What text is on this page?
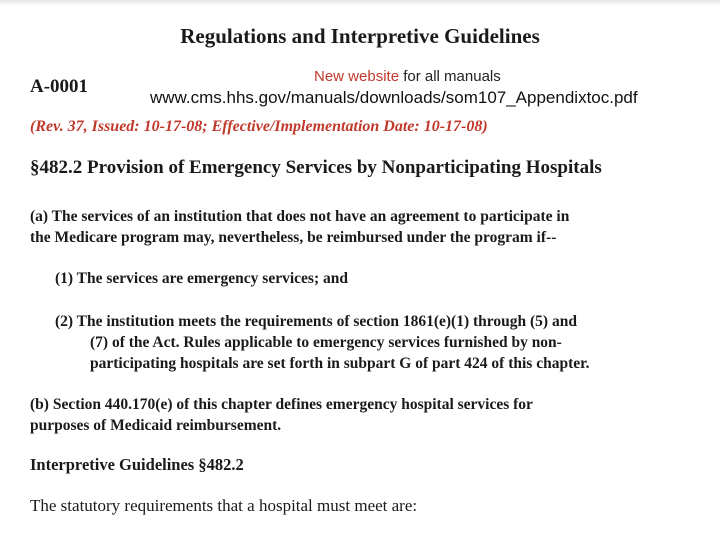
Regulations and Interpretive Guidelines
A-0001	New website for all manuals
www.cms.hhs.gov/manuals/downloads/som107_Appendixtoc.pdf
(Rev. 37, Issued: 10-17-08; Effective/Implementation Date: 10-17-08)
§482.2 Provision of Emergency Services by Nonparticipating Hospitals
(a) The services of an institution that does not have an agreement to participate in
the Medicare program may, nevertheless, be reimbursed under the program if--
(1) The services are emergency services; and
(2) The institution meets the requirements of section 1861(e)(1) through (5) and
(7) of the Act. Rules applicable to emergency services furnished by non-
participating hospitals are set forth in subpart G of part 424 of this chapter.
(b) Section 440.170(e) of this chapter defines emergency hospital services for
purposes of Medicaid reimbursement.
Interpretive Guidelines §482.2
The statutory requirements that a hospital must meet are:
